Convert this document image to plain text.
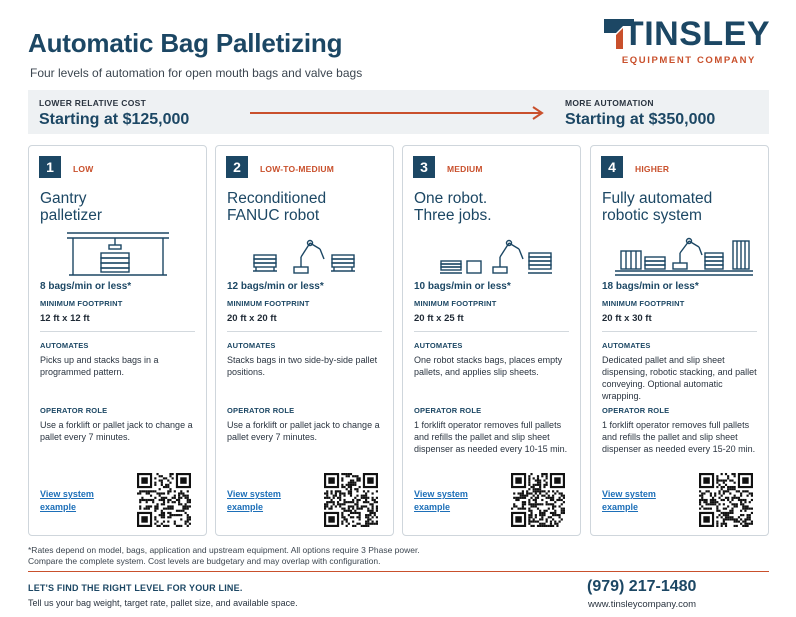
Automatic Bag Palletizing
Four levels of automation for open mouth bags and valve bags
TINSLEY
EQUIPMENT COMPANY
LOWER RELATIVE COST
Starting at $125,000
MORE AUTOMATION
Starting at $350,000
1	LOW
Gantry
palletizer
8 bags/min or less*
MINIMUM FOOTPRINT
12 ft x 12 ft
AUTOMATES
Picks up and stacks bags in a programmed pattern.
OPERATOR ROLE
Use a forklift or pallet jack to change a pallet every 7 minutes.
View system
example
2	LOW-TO-MEDIUM
Reconditioned
FANUC robot
12 bags/min or less*
MINIMUM FOOTPRINT
20 ft x 20 ft
AUTOMATES
Stacks bags in two side-by-side pallet positions.
OPERATOR ROLE
Use a forklift or pallet jack to change a pallet every 7 minutes.
View system
example
3	MEDIUM
One robot.
Three jobs.
10 bags/min or less*
MINIMUM FOOTPRINT
20 ft x 25 ft
AUTOMATES
One robot stacks bags, places empty pallets, and applies slip sheets.
OPERATOR ROLE
1 forklift operator removes full pallets and refills the pallet and slip sheet dispenser as needed every 10-15 min.
View system
example
4	HIGHER
Fully automated
robotic system
18 bags/min or less*
MINIMUM FOOTPRINT
20 ft x 30 ft
AUTOMATES
Dedicated pallet and slip sheet dispensing, robotic stacking, and pallet conveying. Optional automatic wrapping.
OPERATOR ROLE
1 forklift operator removes full pallets and refills the pallet and slip sheet dispenser as needed every 15-20 min.
View system
example
*Rates depend on model, bags, application and upstream equipment. All options require 3 Phase power.
Compare the complete system. Cost levels are budgetary and may overlap with configuration.
LET'S FIND THE RIGHT LEVEL FOR YOUR LINE.
Tell us your bag weight, target rate, pallet size, and available space.
(979) 217-1480
www.tinsleycompany.com
